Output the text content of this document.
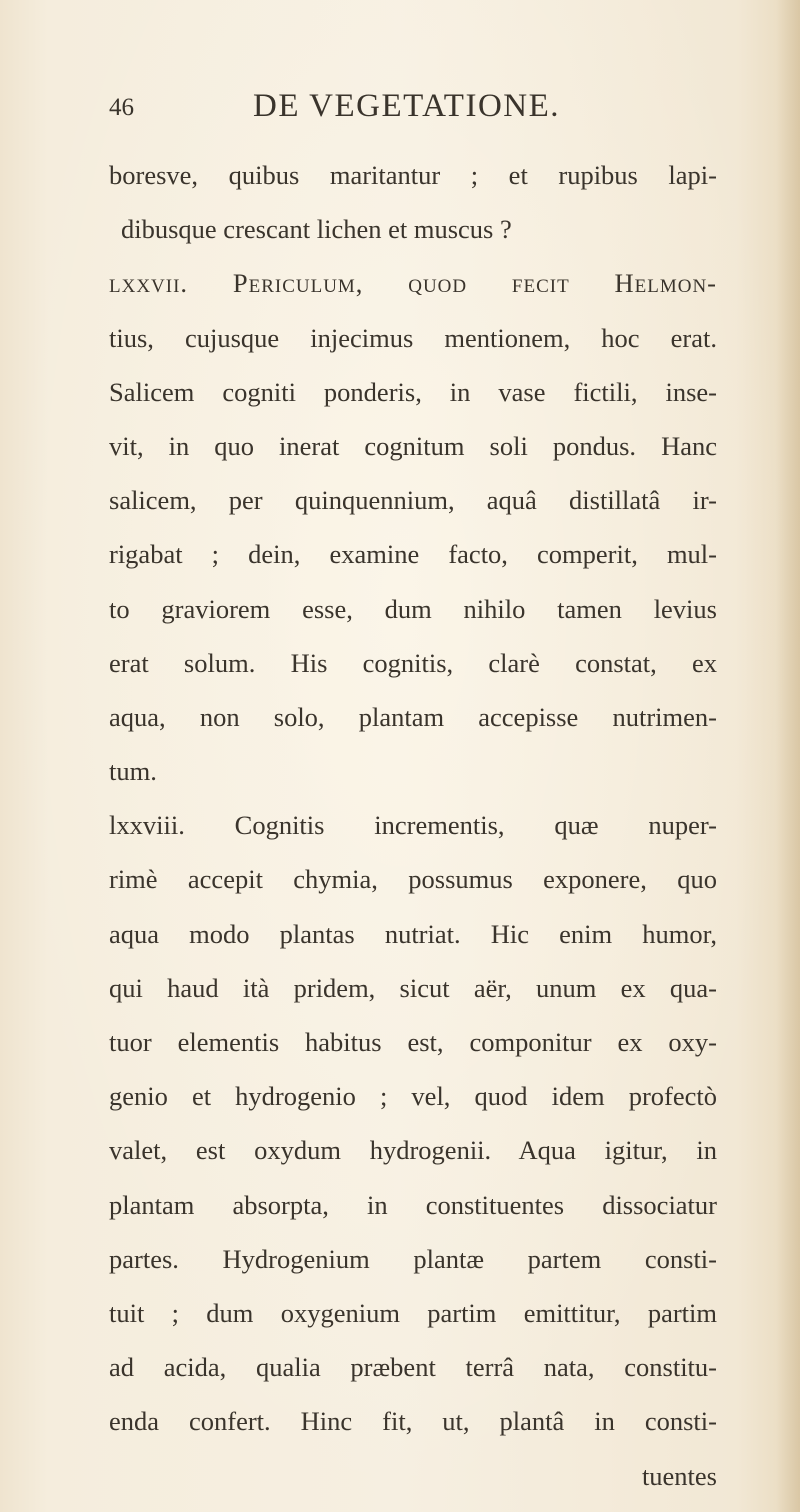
46	DE VEGETATIONE.
boresve, quibus maritantur ; et rupibus lapi-
dibusque crescant lichen et muscus ?
lxxvii. Periculum, quod fecit Helmon-
tius, cujusque injecimus mentionem, hoc erat.
Salicem cogniti ponderis, in vase fictili, inse-
vit, in quo inerat cognitum soli pondus. Hanc
salicem, per quinquennium, aquâ distillatâ ir-
rigabat ; dein, examine facto, comperit, mul-
to graviorem esse, dum nihilo tamen levius
erat solum. His cognitis, clarè constat, ex
aqua, non solo, plantam accepisse nutrimen-
tum.
lxxviii. Cognitis incrementis, quæ nuper-
rimè accepit chymia, possumus exponere, quo
aqua modo plantas nutriat. Hic enim humor,
qui haud ità pridem, sicut aër, unum ex qua-
tuor elementis habitus est, componitur ex oxy-
genio et hydrogenio ; vel, quod idem profectò
valet, est oxydum hydrogenii. Aqua igitur, in
plantam absorpta, in constituentes dissociatur
partes. Hydrogenium plantæ partem consti-
tuit ; dum oxygenium partim emittitur, partim
ad acida, qualia præbent terrâ nata, constitu-
enda confert. Hinc fit, ut, plantâ in consti-
tuentes
